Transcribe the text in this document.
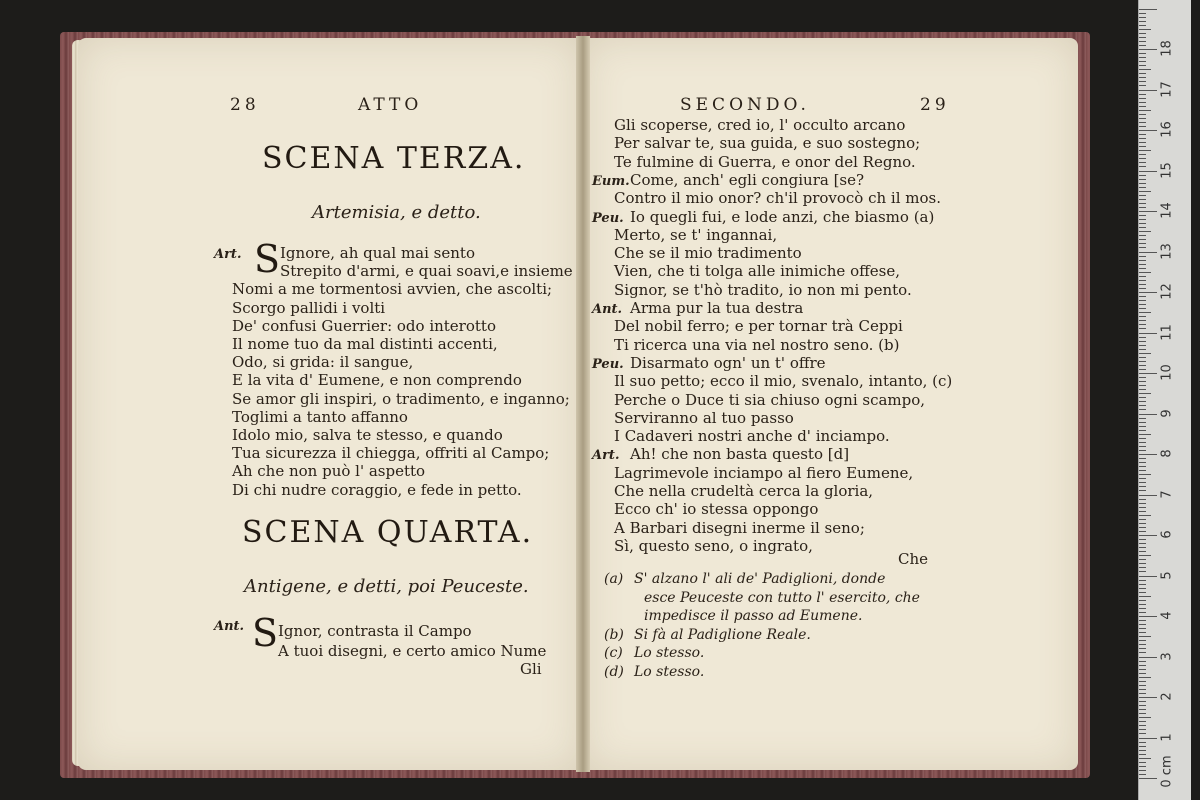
28	ATTO
SCENA TERZA.
Artemisia, e detto.
Art. S Ignore, ah qual mai sento
Strepito d'armi, e quai soavi,e insieme
Nomi a me tormentosi avvien, che ascolti;
Scorgo pallidi i volti
De' confusi Guerrier: odo interotto
Il nome tuo da mal distinti accenti,
Odo, si grida: il sangue,
E la vita d' Eumene, e non comprendo
Se amor gli inspiri, o tradimento, e inganno;
Toglimi a tanto affanno
Idolo mio, salva te stesso, e quando
Tua sicurezza il chiegga, offriti al Campo;
Ah che non può l' aspetto
Di chi nudre coraggio, e fede in petto.
SCENA QUARTA.
Antigene, e detti, poi Peuceste.
Ant. S Ignor, contrasta il Campo
A tuoi disegni, e certo amico Nume
Gli
SECONDO.	29
Gli scoperse, cred io, l' occulto arcano
Per salvar te, sua guida, e suo sostegno;
Te fulmine di Guerra, e onor del Regno.
Eum. Come, anch' egli congiura [se?
Contro il mio onor? ch'il provocò ch il mos.
Peu. Io quegli fui, e lode anzi, che biasmo (a)
Merto, se t' ingannai,
Che se il mio tradimento
Vien, che ti tolga alle inimiche offese,
Signor, se t'hò tradito, io non mi pento.
Ant. Arma pur la tua destra
Del nobil ferro; e per tornar trà Ceppi
Ti ricerca una via nel nostro seno. (b)
Peu. Disarmato ogn' un t' offre
Il suo petto; ecco il mio, svenalo, intanto, (c)
Perche o Duce ti sia chiuso ogni scampo,
Serviranno al tuo passo
I Cadaveri nostri anche d' inciampo.
Art. Ah! che non basta questo [d]
Lagrimevole inciampo al fiero Eumene,
Che nella crudeltà cerca la gloria,
Ecco ch' io stessa oppongo
A Barbari disegni inerme il seno;
Sì, questo seno, o ingrato,
Che
(a) S' alzano l' ali de' Padiglioni, donde
esce Peuceste con tutto l' esercito, che
impedisce il passo ad Eumene.
(b) Si fà al Padiglione Reale.
(c) Lo stesso.
(d) Lo stesso.
0 cm
1
2
3
4
5
6
7
8
9
10
11
12
13
14
15
16
17
18
